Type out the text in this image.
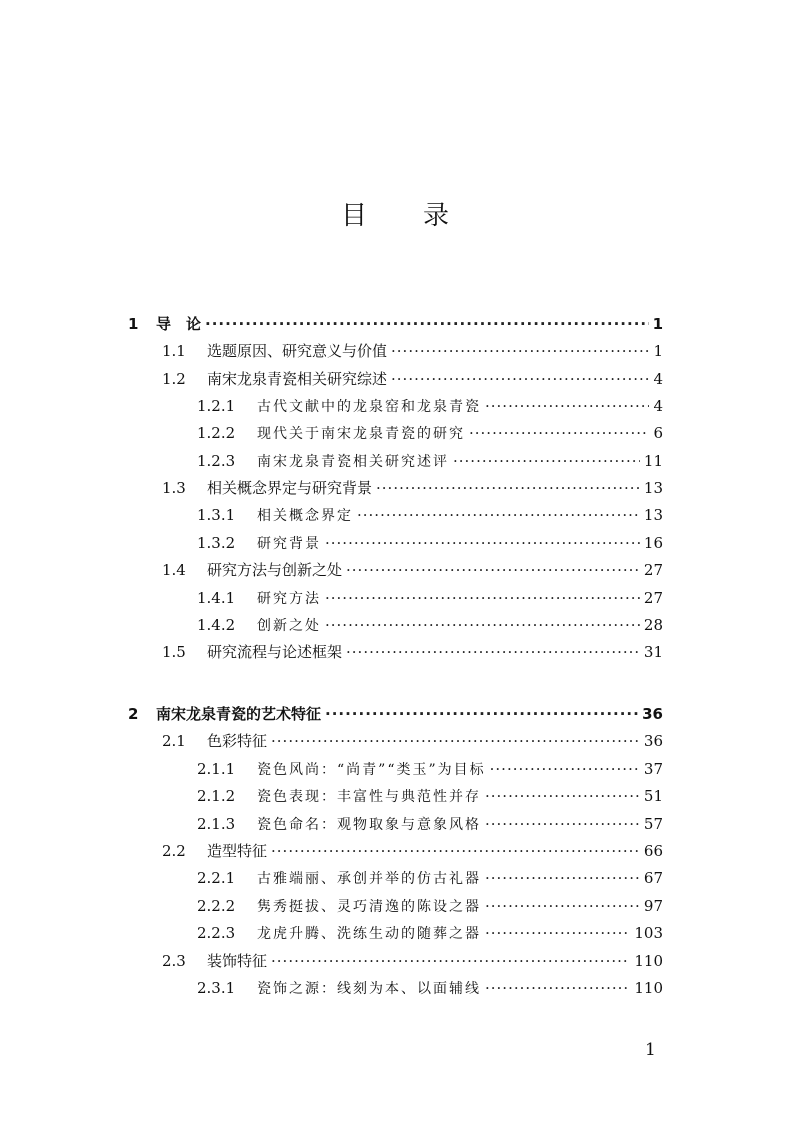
目录
1	导　论 ·····	1
1.1	选题原因、研究意义与价值 ·····	1
1.2	南宋龙泉青瓷相关研究综述 ·····	4
1.2.1	古代文献中的龙泉窑和龙泉青瓷 ·····	4
1.2.2	现代关于南宋龙泉青瓷的研究 ·····	6
1.2.3	南宋龙泉青瓷相关研究述评 ·····	11
1.3	相关概念界定与研究背景 ·····	13
1.3.1	相关概念界定 ·····	13
1.3.2	研究背景 ·····	16
1.4	研究方法与创新之处 ·····	27
1.4.1	研究方法 ·····	27
1.4.2	创新之处 ·····	28
1.5	研究流程与论述框架 ·····	31
2	南宋龙泉青瓷的艺术特征 ·····	36
2.1	色彩特征 ·····	36
2.1.1	瓷色风尚：“尚青”“类玉”为目标 ·····	37
2.1.2	瓷色表现：丰富性与典范性并存 ·····	51
2.1.3	瓷色命名：观物取象与意象风格 ·····	57
2.2	造型特征 ·····	66
2.2.1	古雅端丽、承创并举的仿古礼器 ·····	67
2.2.2	隽秀挺拔、灵巧清逸的陈设之器 ·····	97
2.2.3	龙虎升腾、洗练生动的随葬之器 ·····	103
2.3	装饰特征 ·····	110
2.3.1	瓷饰之源：线刻为本、以面辅线 ·····	110
1
